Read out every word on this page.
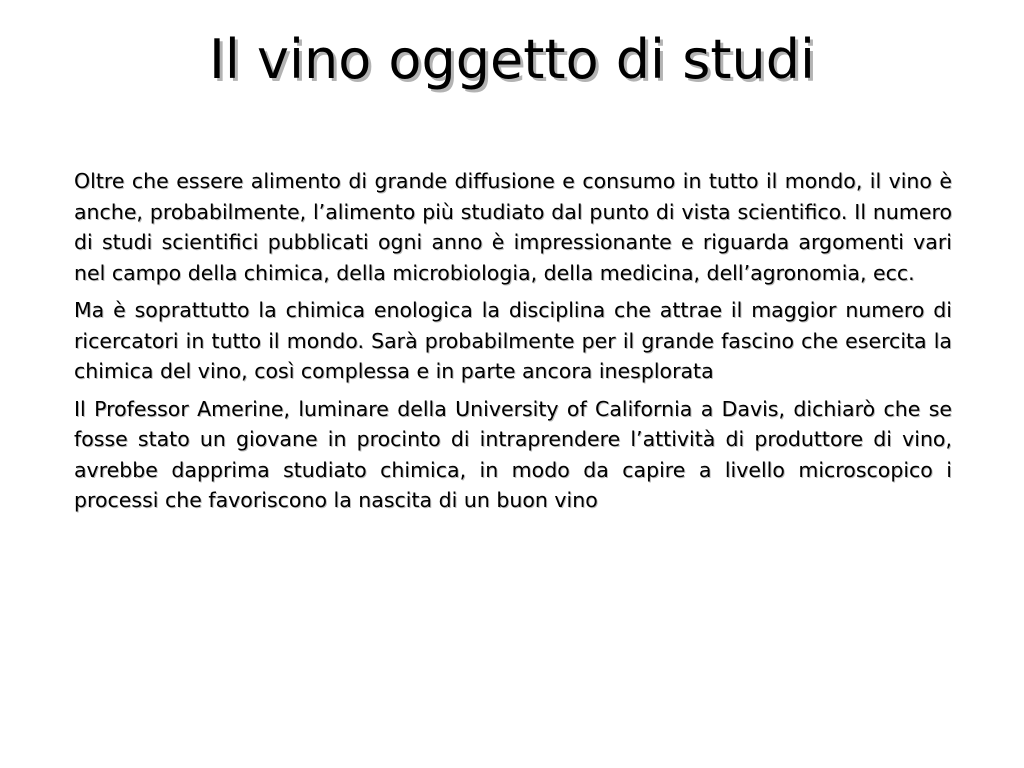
Il vino oggetto di studi

Oltre che essere alimento di grande diffusione e consumo in tutto il mondo, il vino è anche, probabilmente, l’alimento più studiato dal punto di vista scientifico. Il numero di studi scientifici pubblicati ogni anno è impressionante e riguarda argomenti vari nel campo della chimica, della microbiologia, della medicina, dell’agronomia, ecc.

Ma è soprattutto la chimica enologica la disciplina che attrae il maggior numero di ricercatori in tutto il mondo. Sarà probabilmente per il grande fascino che esercita la chimica del vino, così complessa e in parte ancora inesplorata

Il Professor Amerine, luminare della University of California a Davis, dichiarò che se fosse stato un giovane in procinto di intraprendere l’attività di produttore di vino, avrebbe dapprima studiato chimica, in modo da capire a livello microscopico i processi che favoriscono la nascita di un buon vino
